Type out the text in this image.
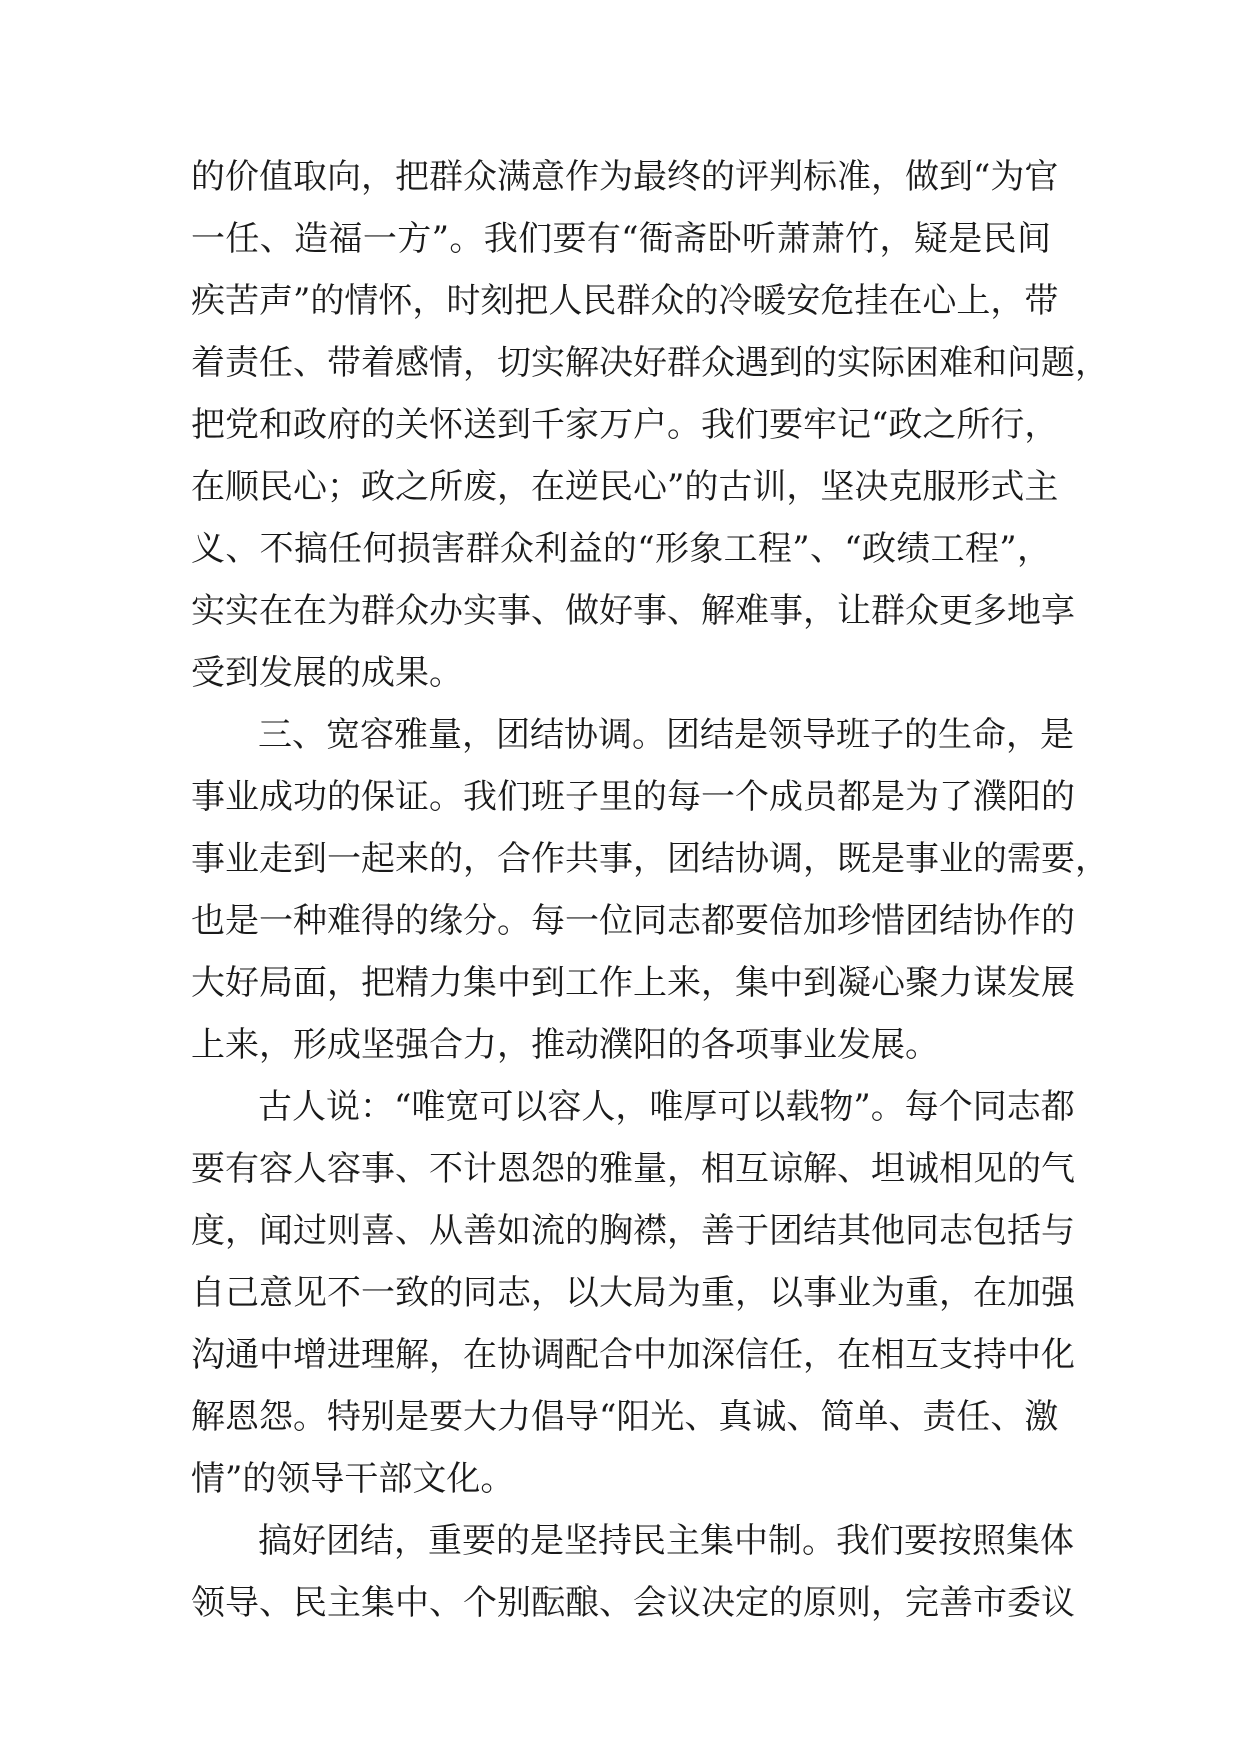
的价值取向，把群众满意作为最终的评判标准，做到“为官
一任、造福一方”。我们要有“衙斋卧听萧萧竹，疑是民间
疾苦声”的情怀，时刻把人民群众的冷暖安危挂在心上，带
着责任、带着感情，切实解决好群众遇到的实际困难和问题，
把党和政府的关怀送到千家万户。我们要牢记“政之所行，
在顺民心；政之所废，在逆民心”的古训，坚决克服形式主
义、不搞任何损害群众利益的“形象工程”、“政绩工程”，
实实在在为群众办实事、做好事、解难事，让群众更多地享
受到发展的成果。
三、宽容雅量，团结协调。团结是领导班子的生命，是
事业成功的保证。我们班子里的每一个成员都是为了濮阳的
事业走到一起来的，合作共事，团结协调，既是事业的需要，
也是一种难得的缘分。每一位同志都要倍加珍惜团结协作的
大好局面，把精力集中到工作上来，集中到凝心聚力谋发展
上来，形成坚强合力，推动濮阳的各项事业发展。
古人说：“唯宽可以容人，唯厚可以载物”。每个同志都
要有容人容事、不计恩怨的雅量，相互谅解、坦诚相见的气
度，闻过则喜、从善如流的胸襟，善于团结其他同志包括与
自己意见不一致的同志，以大局为重，以事业为重，在加强
沟通中增进理解，在协调配合中加深信任，在相互支持中化
解恩怨。特别是要大力倡导“阳光、真诚、简单、责任、激
情”的领导干部文化。
搞好团结，重要的是坚持民主集中制。我们要按照集体
领导、民主集中、个别酝酿、会议决定的原则，完善市委议
